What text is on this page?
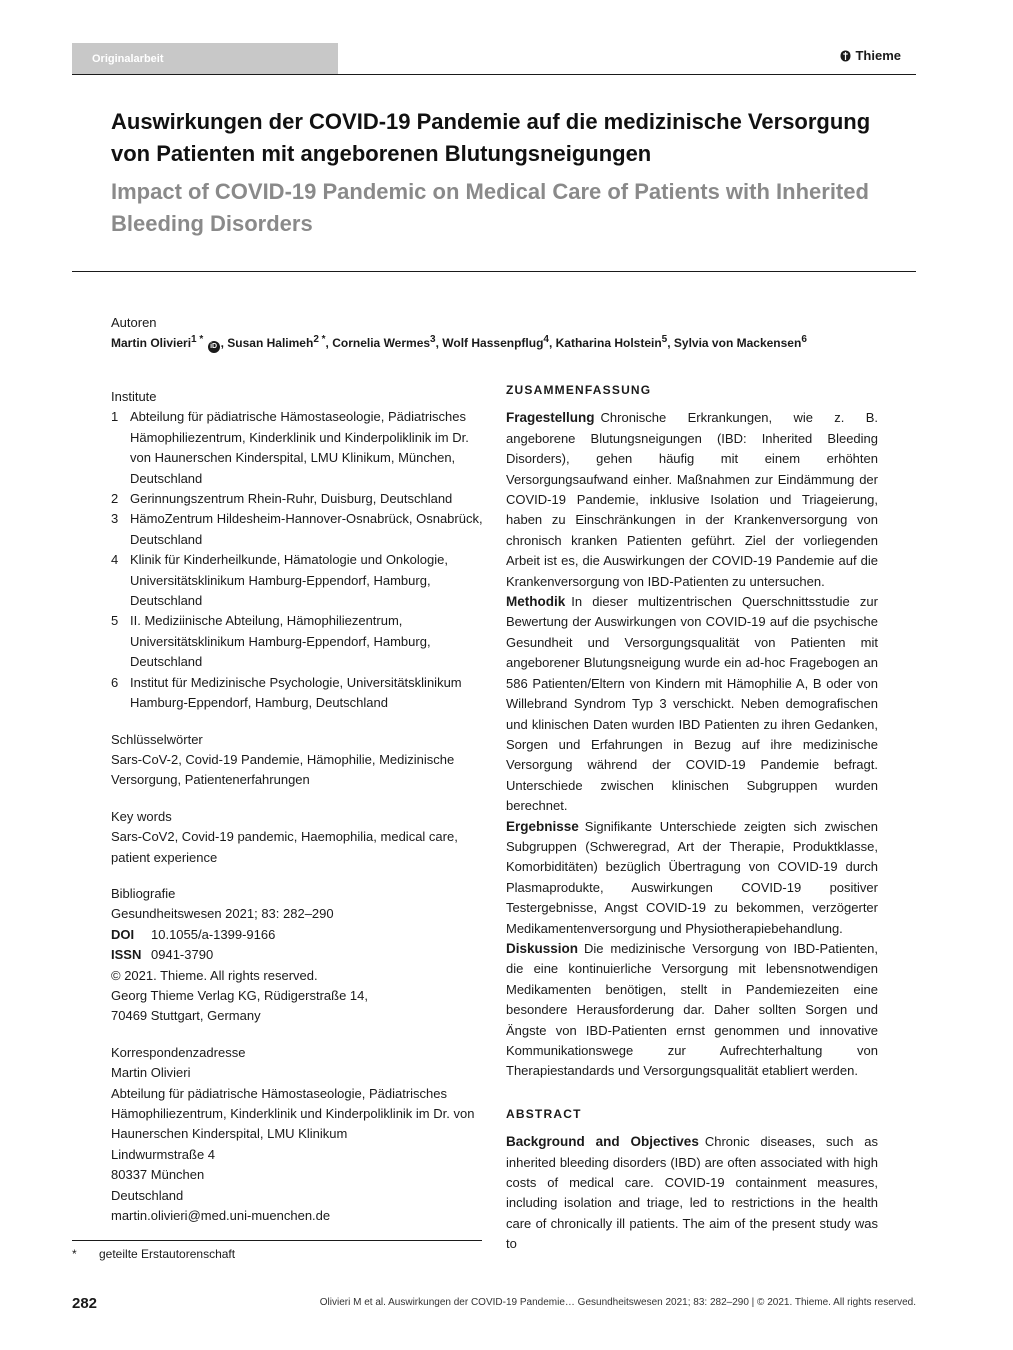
Originalarbeit	Thieme
Auswirkungen der COVID-19 Pandemie auf die medizinische Versorgung von Patienten mit angeborenen Blutungsneigungen
Impact of COVID-19 Pandemic on Medical Care of Patients with Inherited Bleeding Disorders
Autoren
Martin Olivieri$^{1 *}$ iD , Susan Halimeh$^{2 *}$, Cornelia Wermes$^3$, Wolf Hassenpflug$^4$, Katharina Holstein$^5$, Sylvia von Mackensen$^6$

Institute

1 Abteilung für pädiatrische Hämostaseologie, Pädiatrisches Hämophiliezentrum, Kinderklinik und Kinderpoliklinik im Dr. von Haunerschen Kinderspital, LMU Klinikum, München, Deutschland
2 Gerinnungszentrum Rhein-Ruhr, Duisburg, Deutschland
3 HämoZentrum Hildesheim-Hannover-Osnabrück, Osnabrück, Deutschland
4 Klinik für Kinderheilkunde, Hämatologie und Onkologie, Universitätsklinikum Hamburg-Eppendorf, Hamburg, Deutschland
5 II. Mediziinische Abteilung, Hämophiliezentrum, Universitätsklinikum Hamburg-Eppendorf, Hamburg, Deutschland
6 Institut für Medizinische Psychologie, Universitätsklinikum Hamburg-Eppendorf, Hamburg, Deutschland
Schlüsselwörter
Sars-CoV-2, Covid-19 Pandemie, Hämophilie, Medizinische Versorgung, Patientenerfahrungen
Key words
Sars-CoV2, Covid-19 pandemic, Haemophilia, medical care, patient experience
Bibliografie
Gesundheitswesen 2021; 83: 282–290
DOI 10.1055/a-1399-9166
ISSN 0941-3790
© 2021. Thieme. All rights reserved.
Georg Thieme Verlag KG, Rüdigerstraße 14,
70469 Stuttgart, Germany
Korrespondenzadresse
Martin Olivieri
Abteilung für pädiatrische Hämostaseologie, Pädiatrisches Hämophiliezentrum, Kinderklinik und Kinderpoliklinik im Dr. von Haunerschen Kinderspital, LMU Klinikum
Lindwurmstraße 4
80337 München
Deutschland
martin.olivieri@med.uni-muenchen.de

ZUSAMMENFASSUNG

Fragestellung Chronische Erkrankungen, wie z. B. angeborene Blutungsneigungen (IBD: Inherited Bleeding Disorders), gehen häufig mit einem erhöhten Versorgungsaufwand einher. Maßnahmen zur Eindämmung der COVID-19 Pandemie, inklusive Isolation und Triageierung, haben zu Einschränkungen in der Krankenversorgung von chronisch kranken Patienten geführt. Ziel der vorliegenden Arbeit ist es, die Auswirkungen der COVID-19 Pandemie auf die Krankenversorgung von IBD-Patienten zu untersuchen.

Methodik In dieser multizentrischen Querschnittsstudie zur Bewertung der Auswirkungen von COVID-19 auf die psychische Gesundheit und Versorgungsqualität von Patienten mit angeborener Blutungsneigung wurde ein ad-hoc Fragebogen an 586 Patienten/Eltern von Kindern mit Hämophilie A, B oder von Willebrand Syndrom Typ 3 verschickt. Neben demografischen und klinischen Daten wurden IBD Patienten zu ihren Gedanken, Sorgen und Erfahrungen in Bezug auf ihre medizinische Versorgung während der COVID-19 Pandemie befragt. Unterschiede zwischen klinischen Subgruppen wurden berechnet.

Ergebnisse Signifikante Unterschiede zeigten sich zwischen Subgruppen (Schweregrad, Art der Therapie, Produktklasse, Komorbiditäten) bezüglich Übertragung von COVID-19 durch Plasmaprodukte, Auswirkungen COVID-19 positiver Testergebnisse, Angst COVID-19 zu bekommen, verzögerter Medikamentenversorgung und Physiotherapiebehandlung.

Diskussion Die medizinische Versorgung von IBD-Patienten, die eine kontinuierliche Versorgung mit lebensnotwendigen Medikamenten benötigen, stellt in Pandemiezeiten eine besondere Herausforderung dar. Daher sollten Sorgen und Ängste von IBD-Patienten ernst genommen und innovative Kommunikationswege zur Aufrechterhaltung von Therapiestandards und Versorgungsqualität etabliert werden.

ABSTRACT

Background and Objectives Chronic diseases, such as inherited bleeding disorders (IBD) are often associated with high costs of medical care. COVID-19 containment measures, including isolation and triage, led to restrictions in the health care of chronically ill patients. The aim of the present study was to

* geteilte Erstautorenschaft
282	Olivieri M et al. Auswirkungen der COVID-19 Pandemie… Gesundheitswesen 2021; 83: 282–290 | © 2021. Thieme. All rights reserved.
